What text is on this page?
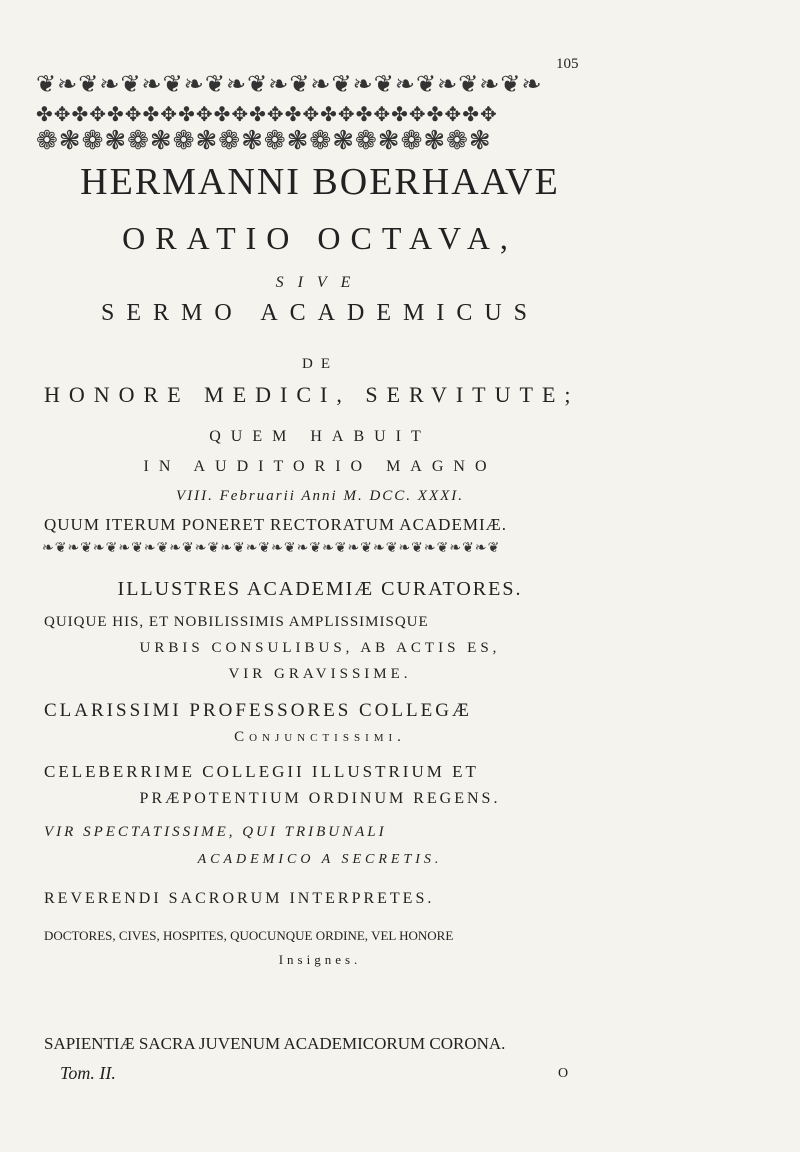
105
❦❧❦❧❦❧❦❧❦❧❦❧❦❧❦❧❦❧❦❧❦❧❦❧
✤✥✤✥✤✥✤✥✤✥✤✥✤✥✤✥✤✥✤✥✤✥✤✥✤✥
❁❃❁❃❁❃❁❃❁❃❁❃❁❃❁❃❁❃❁❃
HERMANNI BOERHAAVE
ORATIO OCTAVA,
SIVE
SERMO ACADEMICUS
DE
HONORE MEDICI, SERVITUTE;
QUEM HABUIT
IN AUDITORIO MAGNO
VIII. Februarii Anni M. DCC. XXXI.
QUUM ITERUM PONERET RECTORATUM ACADEMIÆ.
❧❦❧❦❧❦❧❦❧❦❧❦❧❦❧❦❧❦❧❦❧❦❧❦❧❦❧❦❧❦❧❦❧❦❧❦
ILLUSTRES ACADEMIÆ CURATORES.
QUIQUE HIS, ET NOBILISSIMIS AMPLISSIMISQUE
URBIS CONSULIBUS, AB ACTIS ES,
VIR GRAVISSIME.
CLARISSIMI PROFESSORES COLLEGÆ
Conjunctissimi.
CELEBERRIME COLLEGII ILLUSTRIUM ET
PRÆPOTENTIUM ORDINUM REGENS.
VIR SPECTATISSIME, QUI TRIBUNALI
ACADEMICO A SECRETIS.
REVERENDI SACRORUM INTERPRETES.
DOCTORES, CIVES, HOSPITES, QUOCUNQUE ORDINE, VEL HONORE
Insignes.
SAPIENTIÆ SACRA JUVENUM ACADEMICORUM CORONA.
Tom. II.	O
